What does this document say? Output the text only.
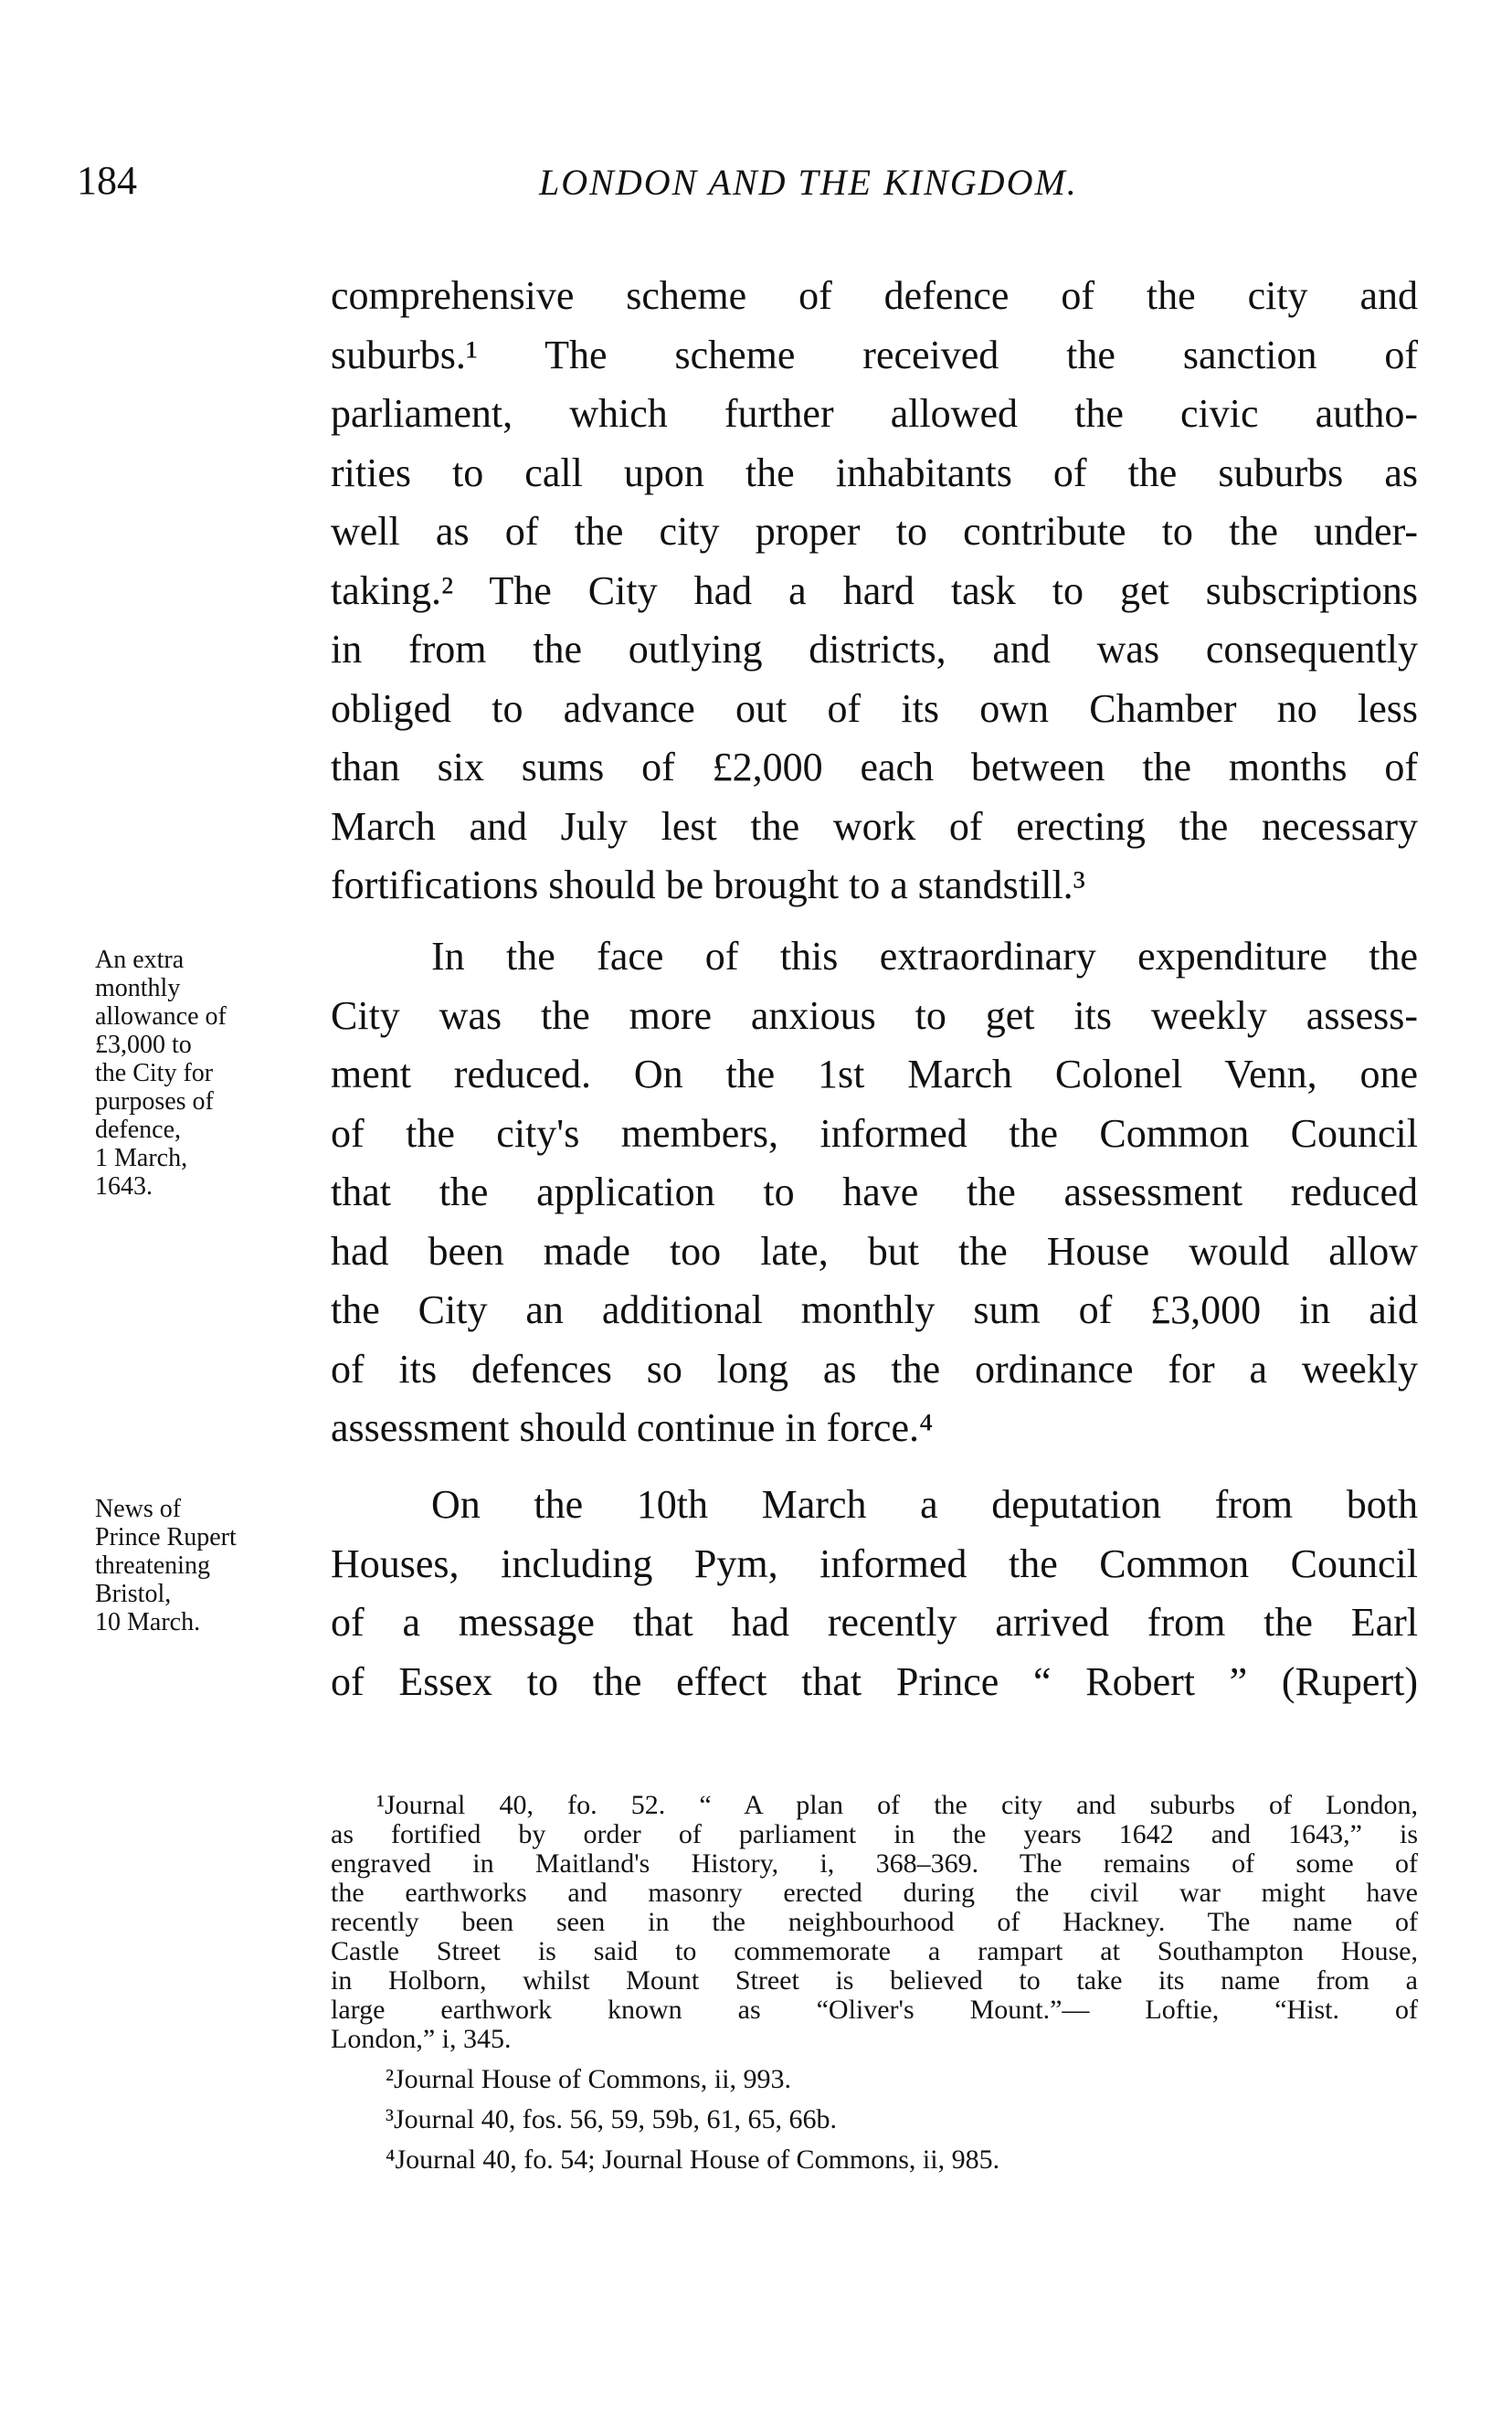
184	LONDON AND THE KINGDOM.
comprehensive scheme of defence of the city and
suburbs.¹ The scheme received the sanction of
parliament, which further allowed the civic autho-
rities to call upon the inhabitants of the suburbs as
well as of the city proper to contribute to the under-
taking.² The City had a hard task to get subscriptions
in from the outlying districts, and was consequently
obliged to advance out of its own Chamber no less
than six sums of £2,000 each between the months of
March and July lest the work of erecting the necessary
fortifications should be brought to a standstill.³
In the face of this extraordinary expenditure the
City was the more anxious to get its weekly assess-
ment reduced. On the 1st March Colonel Venn, one
of the city's members, informed the Common Council
that the application to have the assessment reduced
had been made too late, but the House would allow
the City an additional monthly sum of £3,000 in aid
of its defences so long as the ordinance for a weekly
assessment should continue in force.⁴
On the 10th March a deputation from both
Houses, including Pym, informed the Common Council
of a message that had recently arrived from the Earl
of Essex to the effect that Prince “ Robert ” (Rupert)
An extra
monthly
allowance of
£3,000 to
the City for
purposes of
defence,
1 March,
1643.
News of
Prince Rupert
threatening
Bristol,
10 March.
¹Journal 40, fo. 52. “ A plan of the city and suburbs of London,
as fortified by order of parliament in the years 1642 and 1643,” is
engraved in Maitland's History, i, 368–369. The remains of some of
the earthworks and masonry erected during the civil war might have
recently been seen in the neighbourhood of Hackney. The name of
Castle Street is said to commemorate a rampart at Southampton House,
in Holborn, whilst Mount Street is believed to take its name from a
large earthwork known as “Oliver's Mount.”— Loftie, “Hist. of
London,” i, 345.
²Journal House of Commons, ii, 993.
³Journal 40, fos. 56, 59, 59b, 61, 65, 66b.
⁴Journal 40, fo. 54; Journal House of Commons, ii, 985.
